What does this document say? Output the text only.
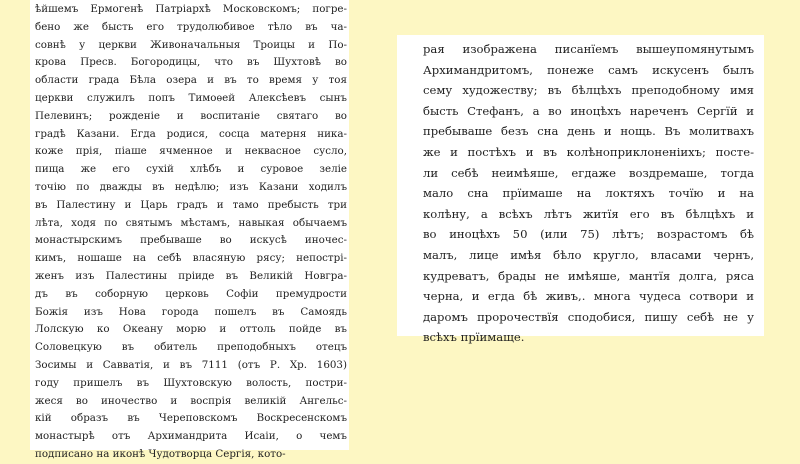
ѣйшемъ Ермогенѣ Патріархѣ Московскомъ; погре-
бено же бысть его трудолюбивое тѣло въ ча-
совнѣ у церкви Живоначальныя Троицы и По-
крова Пресв. Богородицы, что въ Шухтовѣ во
области града Бѣла озера и въ то время у тоя
церкви служилъ попъ Тимоѳей Алексѣевъ сынъ
Пелевинъ; рожденіе и воспитаніе святаго во
градѣ Казани. Егда родися, сосца матерня ника-
коже прія, піаше ячменное и неквасное сусло,
пища же его сухій хлѣбъ и суровое зеліе
точію по дважды въ недѣлю; изъ Казани ходилъ
въ Палестину и Царь градъ и тамо пребысть три
лѣта, ходя по святымъ мѣстамъ, навыкая обычаемъ
монастырскимъ пребываше во искусѣ иночес-
кимъ, ношаше на себѣ власяную рясу; непострі-
женъ изъ Палестины пріиде въ Великій Новгра-
дъ въ соборную церковь Софіи премудрости
Божія изъ Нова города пошелъ въ Самоядь
Лолскую ко Океану морю и оттоль пойде въ
Соловецкую въ обитель преподобныхъ отецъ
Зосимы и Савватія, и въ 7111 (отъ Р. Хр. 1603)
году пришелъ въ Шухтовскую волость, постри-
жеся во иночество и воспрія великій Ангельс-
кій образъ въ Череповскомъ Воскресенскомъ
монастырѣ отъ Архимандрита Исаіи, о чемъ
подписано на иконѣ Чудотворца Сергія, кото-
рая изображена писанїемъ вышеупомянутымъ
Архимандритомъ, понеже самъ искусенъ былъ
сему художеству; въ бѣлцѣхъ преподобному имя
бысть Стефанъ, а во иноцѣхъ нареченъ Сергїй и
пребываше безъ сна день и нощь. Въ молитвахъ
же и постѣхъ и въ колѣноприклоненіихъ; посте-
ли себѣ неимѣяше, егдаже воздремаше, тогда
мало сна прїимаше на локтяхъ точїю и на
колѣну, а всѣхъ лѣтъ житїя его въ бѣлцѣхъ и
во иноцѣхъ 50 (или 75) лѣтъ; возрастомъ бѣ
малъ, лице имѣя бѣло кругло, власами чернъ,
кудреватъ, брады не имѣяше, мантїя долга, ряса
черна, и егда бѣ живъ,. многа чудеса сотвори и
даромъ пророчествїя сподобися, пишу себѣ не у
всѣхъ прїимаще.
